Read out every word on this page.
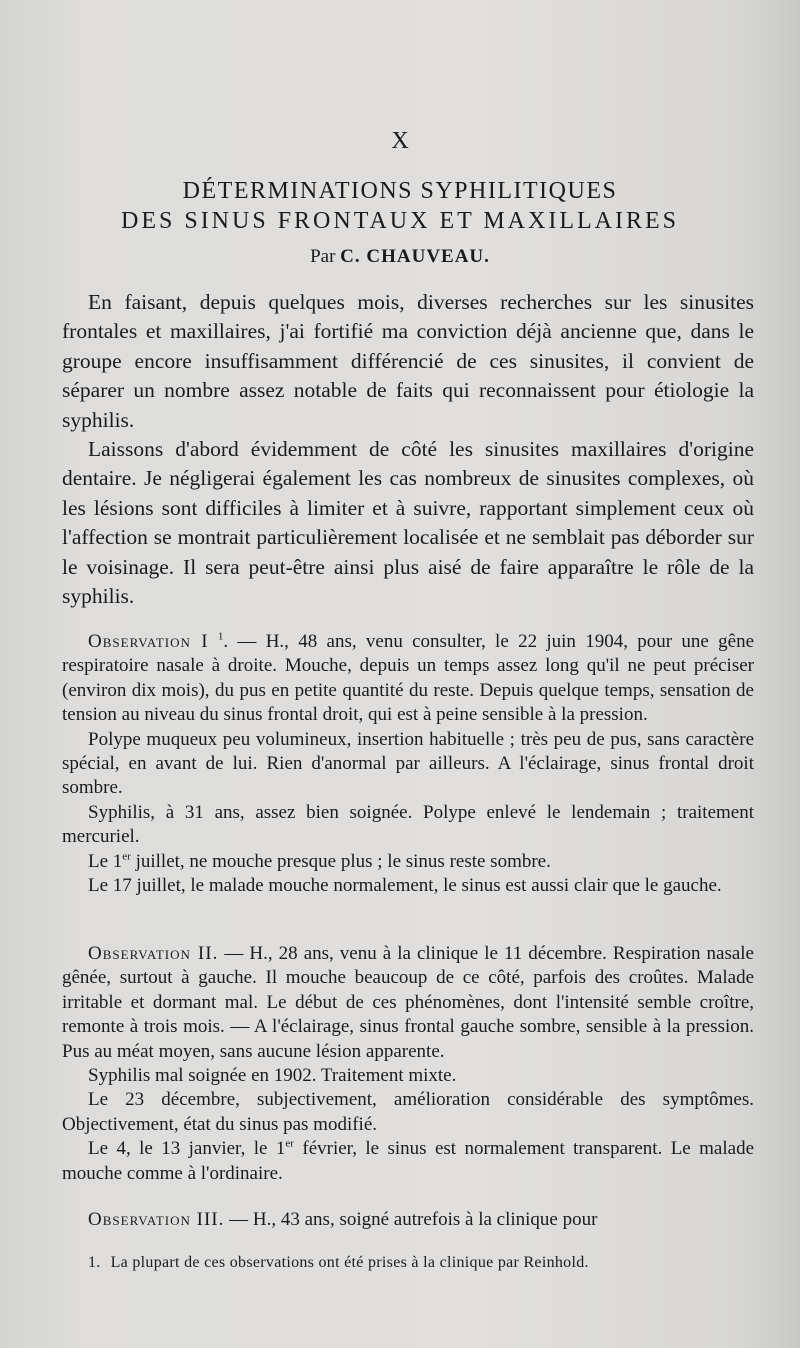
X
DÉTERMINATIONS SYPHILITIQUES
DES SINUS FRONTAUX ET MAXILLAIRES
Par C. CHAUVEAU.

En faisant, depuis quelques mois, diverses recherches sur les sinusites frontales et maxillaires, j'ai fortifié ma conviction déjà ancienne que, dans le groupe encore insuffisamment différencié de ces sinusites, il convient de séparer un nombre assez notable de faits qui reconnaissent pour étiologie la syphilis.

Laissons d'abord évidemment de côté les sinusites maxillaires d'origine dentaire. Je négligerai également les cas nombreux de sinusites complexes, où les lésions sont difficiles à limiter et à suivre, rapportant simplement ceux où l'affection se montrait particulièrement localisée et ne semblait pas déborder sur le voisinage. Il sera peut-être ainsi plus aisé de faire apparaître le rôle de la syphilis.

Observation I $^1$. — H., 48 ans, venu consulter, le 22 juin 1904, pour une gêne respiratoire nasale à droite. Mouche, depuis un temps assez long qu'il ne peut préciser (environ dix mois), du pus en petite quantité du reste. Depuis quelque temps, sensation de tension au niveau du sinus frontal droit, qui est à peine sensible à la pression.

Polype muqueux peu volumineux, insertion habituelle ; très peu de pus, sans caractère spécial, en avant de lui. Rien d'anormal par ailleurs. A l'éclairage, sinus frontal droit sombre.

Syphilis, à 31 ans, assez bien soignée. Polype enlevé le lendemain ; traitement mercuriel.

Le 1er juillet, ne mouche presque plus ; le sinus reste sombre.

Le 17 juillet, le malade mouche normalement, le sinus est aussi clair que le gauche.

Observation II. — H., 28 ans, venu à la clinique le 11 décembre. Respiration nasale gênée, surtout à gauche. Il mouche beaucoup de ce côté, parfois des croûtes. Malade irritable et dormant mal. Le début de ces phénomènes, dont l'intensité semble croître, remonte à trois mois. — A l'éclairage, sinus frontal gauche sombre, sensible à la pression. Pus au méat moyen, sans aucune lésion apparente.

Syphilis mal soignée en 1902. Traitement mixte.

Le 23 décembre, subjectivement, amélioration considérable des symptômes. Objectivement, état du sinus pas modifié.

Le 4, le 13 janvier, le 1er février, le sinus est normalement transparent. Le malade mouche comme à l'ordinaire.

Observation III. — H., 43 ans, soigné autrefois à la clinique pour

1. La plupart de ces observations ont été prises à la clinique par Reinhold.
